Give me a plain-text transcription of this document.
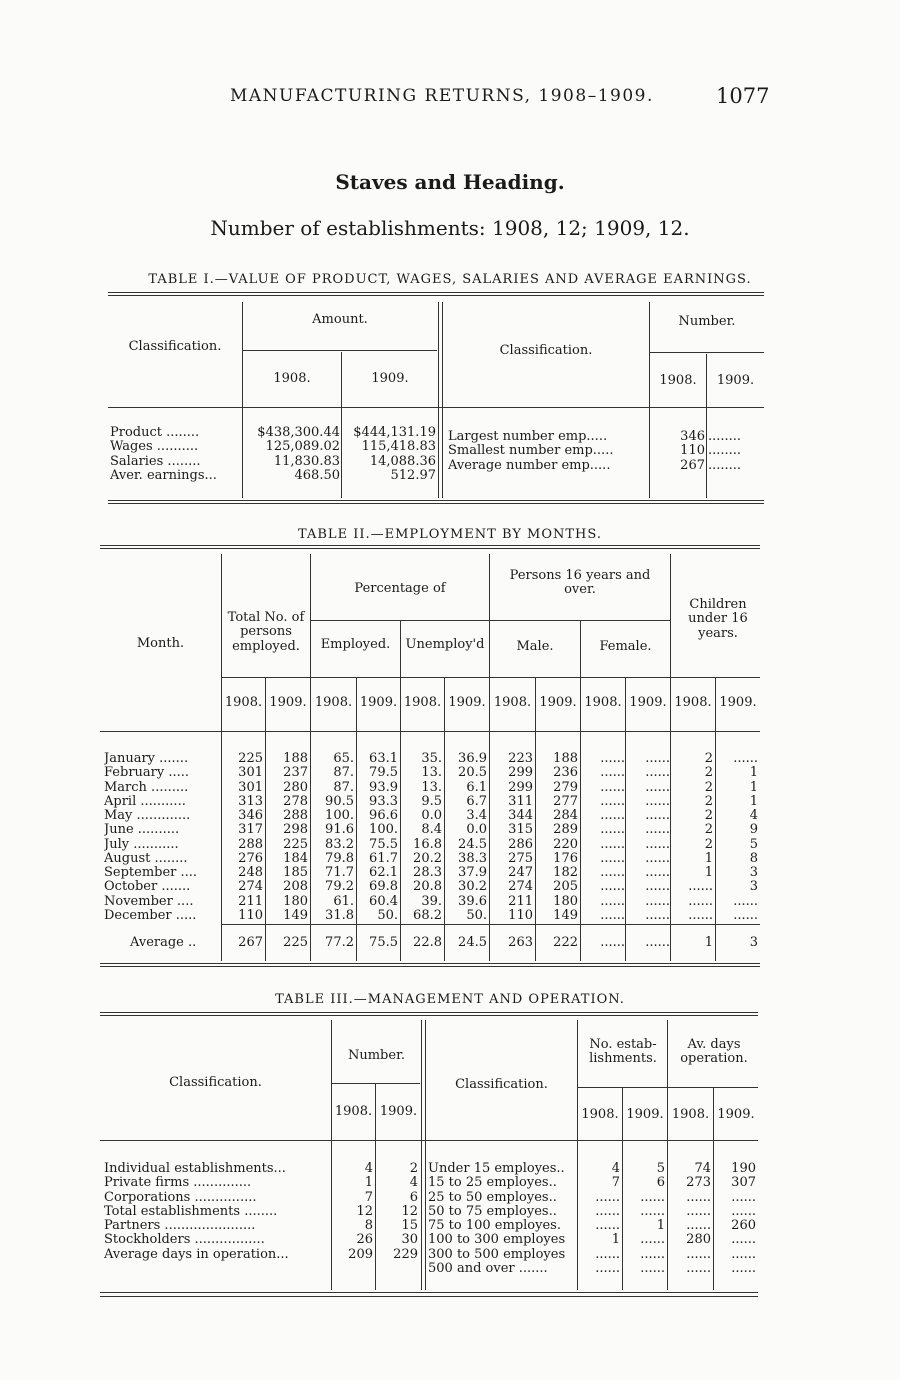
MANUFACTURING RETURNS, 1908–1909.	1077
Staves and Heading.
Number of establishments: 1908, 12; 1909, 12.
TABLE I.—VALUE OF PRODUCT, WAGES, SALARIES AND AVERAGE EARNINGS.
Classification.
Amount.
1908.	1909.
Classification.
Number.
1908.	1909.
Product ........	$438,300.44	$444,131.19
Wages ..........	125,089.02	115,418.83
Salaries ........	11,830.83	14,088.36
Aver. earnings...	468.50	512.97
Largest number emp.....	346 ........
Smallest number emp.....	110 ........
Average number emp.....	267 ........
TABLE II.—EMPLOYMENT BY MONTHS.
Month.
Total No. of persons employed.
Percentage of
Employed.	Unemploy'd
Persons 16 years and over.
Male.	Female.
Children under 16 years.
1908. 1909. 1908. 1909. 1908. 1909. 1908. 1909. 1908. 1909. 1908. 1909.
January .......	225	188	65.	63.1	35.	36.9	223	188	......	......	2	......
February .....	301	237	87.	79.5	13.	20.5	299	236	......	......	2	1
March .........	301	280	87.	93.9	13.	6.1	299	279	......	......	2	1
April ...........	313	278	90.5	93.3	9.5	6.7	311	277	......	......	2	1
May .............	346	288	100.	96.6	0.0	3.4	344	284	......	......	2	4
June ..........	317	298	91.6	100.	8.4	0.0	315	289	......	......	2	9
July ...........	288	225	83.2	75.5	16.8	24.5	286	220	......	......	2	5
August ........	276	184	79.8	61.7	20.2	38.3	275	176	......	......	1	8
September ....	248	185	71.7	62.1	28.3	37.9	247	182	......	......	1	3
October .......	274	208	79.2	69.8	20.8	30.2	274	205	......	......	......	3
November ....	211	180	61.	60.4	39.	39.6	211	180	......	......	......	......
December .....	110	149	31.8	50.	68.2	50.	110	149	......	......	......	......
Average ..	267	225	77.2	75.5	22.8	24.5	263	222	......	......	1	3
TABLE III.—MANAGEMENT AND OPERATION.
Classification.
Number.
1908. 1909.
Classification.
No. estab-lishments.
Av. days operation.
1908. 1909. 1908. 1909.
Individual establishments...	4	2
Private firms ..............	1	4
Corporations ...............	7	6
Total establishments ........	12	12
Partners ......................	8	15
Stockholders .................	26	30
Average days in operation...	209	229
Under 15 employes..	4	5	74	190
15 to 25 employes..	7	6	273	307
25 to 50 employes..	......	......	......	......
50 to 75 employes..	......	......	......	......
75 to 100 employes.	......	1	......	260
100 to 300 employes	1	......	280	......
300 to 500 employes	......	......	......	......
500 and over .......	......	......	......	......
